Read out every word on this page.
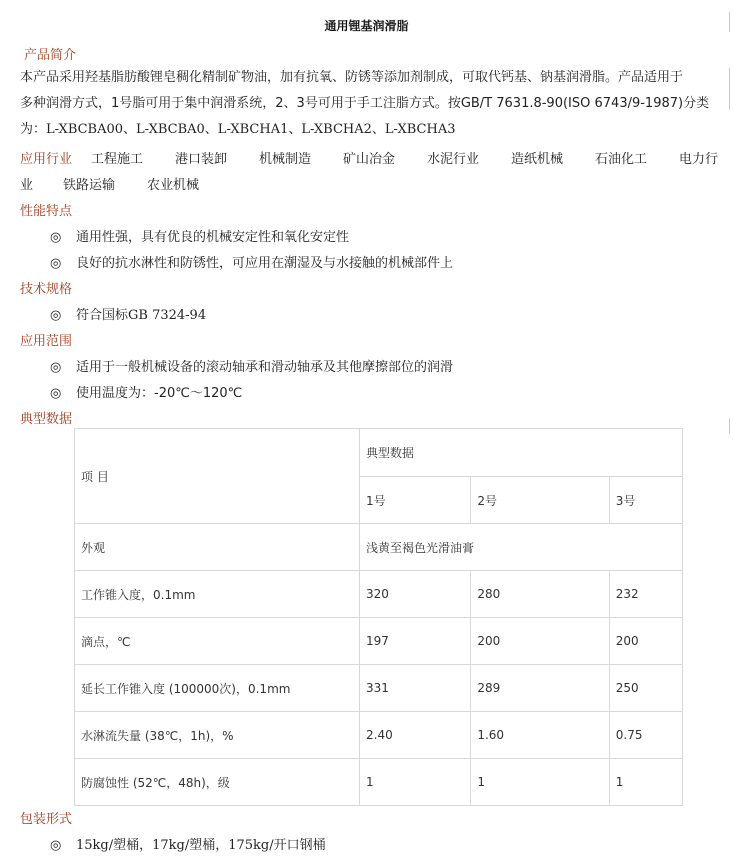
通用锂基润滑脂
产品简介
本产品采用羟基脂肪酸锂皂稠化精制矿物油，加有抗氧、防锈等添加剂制成，可取代钙基、钠基润滑脂。产品适用于
多种润滑方式，1号脂可用于集中润滑系统，2、3号可用于手工注脂方式。按GB/T 7631.8-90(ISO 6743/9-1987)分类
为：L-XBCBA00、L-XBCBA0、L-XBCHA1、L-XBCHA2、L-XBCHA3
应用行业 工程施工 港口装卸 机械制造 矿山冶金 水泥行业 造纸机械 石油化工 电力行
业 铁路运输 农业机械
性能特点
◎ 通用性强，具有优良的机械安定性和氧化安定性
◎ 良好的抗水淋性和防锈性，可应用在潮湿及与水接触的机械部件上
技术规格
◎ 符合国标GB 7324-94
应用范围
◎ 适用于一般机械设备的滚动轴承和滑动轴承及其他摩擦部位的润滑
◎ 使用温度为：-20℃～120℃
典型数据
项 目	典型数据		
	1号	2号	3号
外观	浅黄至褐色光滑油膏		
工作锥入度，0.1mm	320	280	232
滴点，℃	197	200	200
延长工作锥入度 (100000次)，0.1mm	331	289	250
水淋流失量 (38℃，1h)，%	2.40	1.60	0.75
防腐蚀性 (52℃，48h)，级	1	1	1
包装形式
◎ 15kg/塑桶，17kg/塑桶，175kg/开口钢桶
